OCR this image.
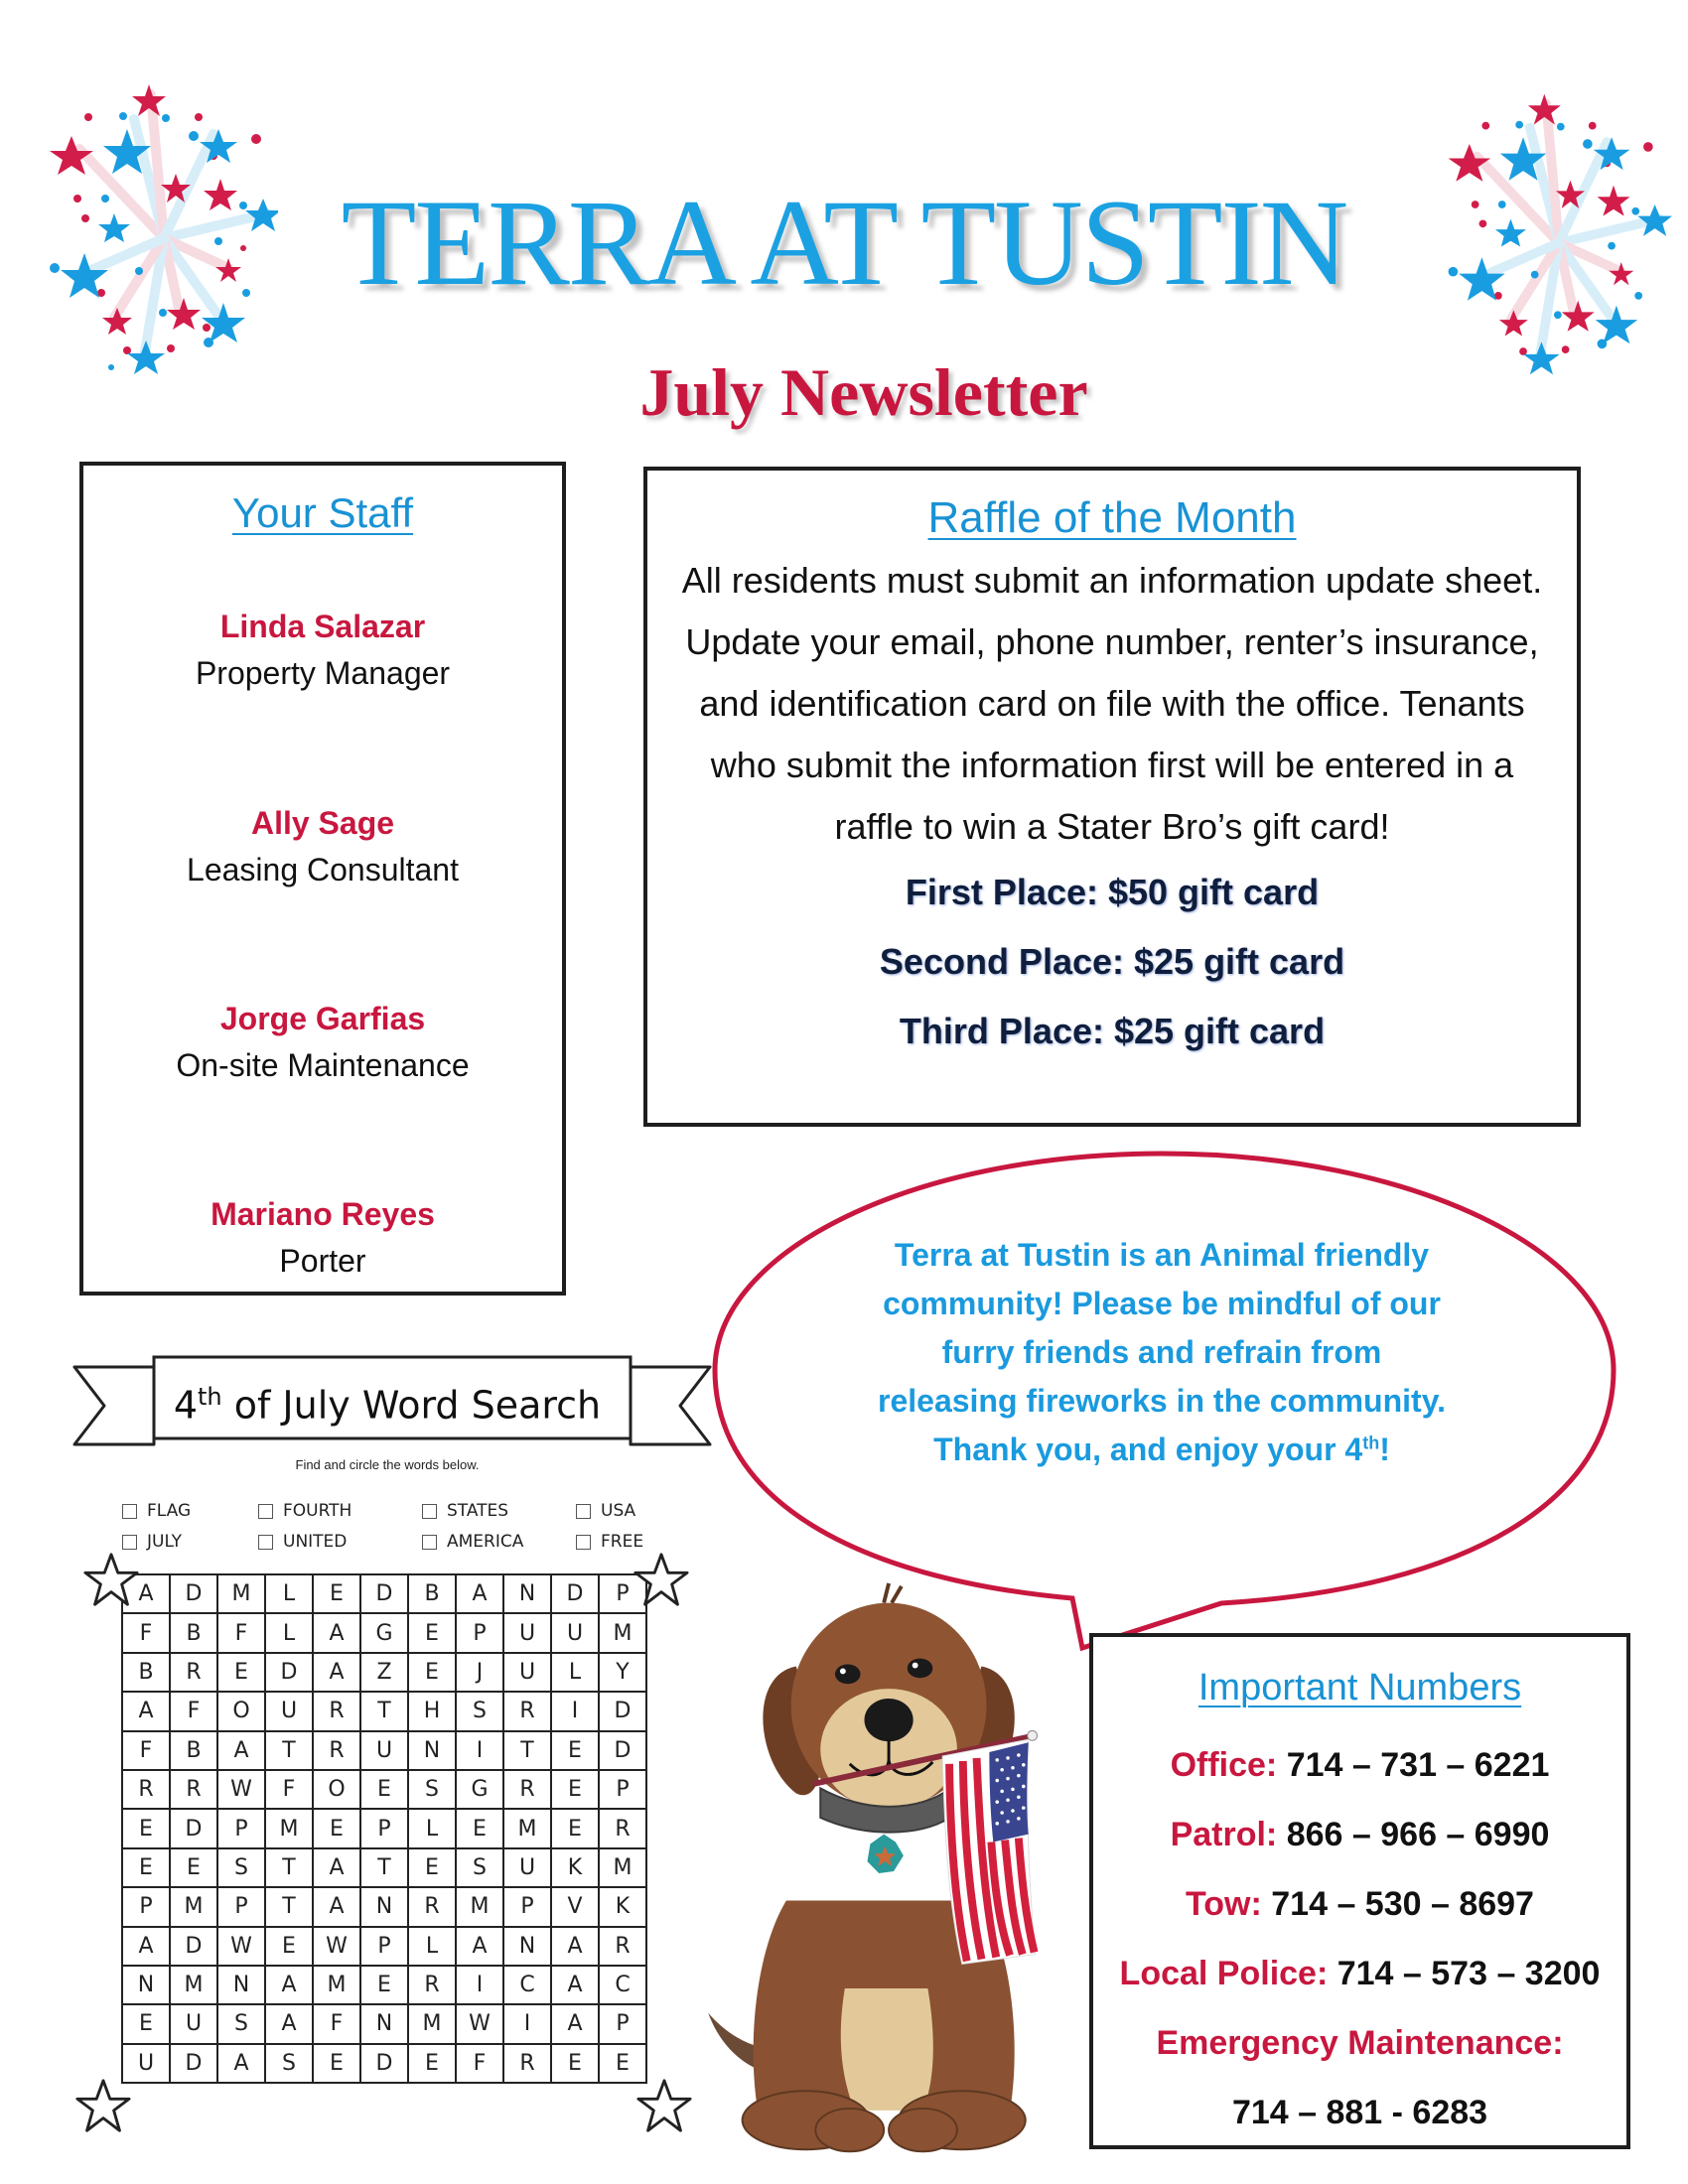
TERRA AT TUSTIN
July Newsletter
Your Staff
Linda Salazar
Property Manager
Ally Sage
Leasing Consultant
Jorge Garfias
On-site Maintenance
Mariano Reyes
Porter
Raffle of the Month
All residents must submit an information update sheet. Update your email, phone number, renter’s insurance, and identification card on file with the office. Tenants who submit the information first will be entered in a raffle to win a Stater Bro’s gift card!
First Place: $50 gift card
Second Place: $25 gift card
Third Place: $25 gift card
Terra at Tustin is an Animal friendly
community! Please be mindful of our
furry friends and refrain from
releasing fireworks in the community.
Thank you, and enjoy your 4th!
4th of July Word Search
Find and circle the words below.
FLAG	FOURTH	STATES	USA
JULY	UNITED	AMERICA	FREE
A	D	M	L	E	D	B	A	N	D	P
F	B	F	L	A	G	E	P	U	U	M
B	R	E	D	A	Z	E	J	U	L	Y
A	F	O	U	R	T	H	S	R	I	D
F	B	A	T	R	U	N	I	T	E	D
R	R	W	F	O	E	S	G	R	E	P
E	D	P	M	E	P	L	E	M	E	R
E	E	S	T	A	T	E	S	U	K	M
P	M	P	T	A	N	R	M	P	V	K
A	D	W	E	W	P	L	A	N	A	R
N	M	N	A	M	E	R	I	C	A	C
E	U	S	A	F	N	M	W	I	A	P
U	D	A	S	E	D	E	F	R	E	E
Important Numbers
Office: 714 – 731 – 6221
Patrol: 866 – 966 – 6990
Tow: 714 – 530 – 8697
Local Police: 714 – 573 – 3200
Emergency Maintenance:
714 – 881 - 6283
